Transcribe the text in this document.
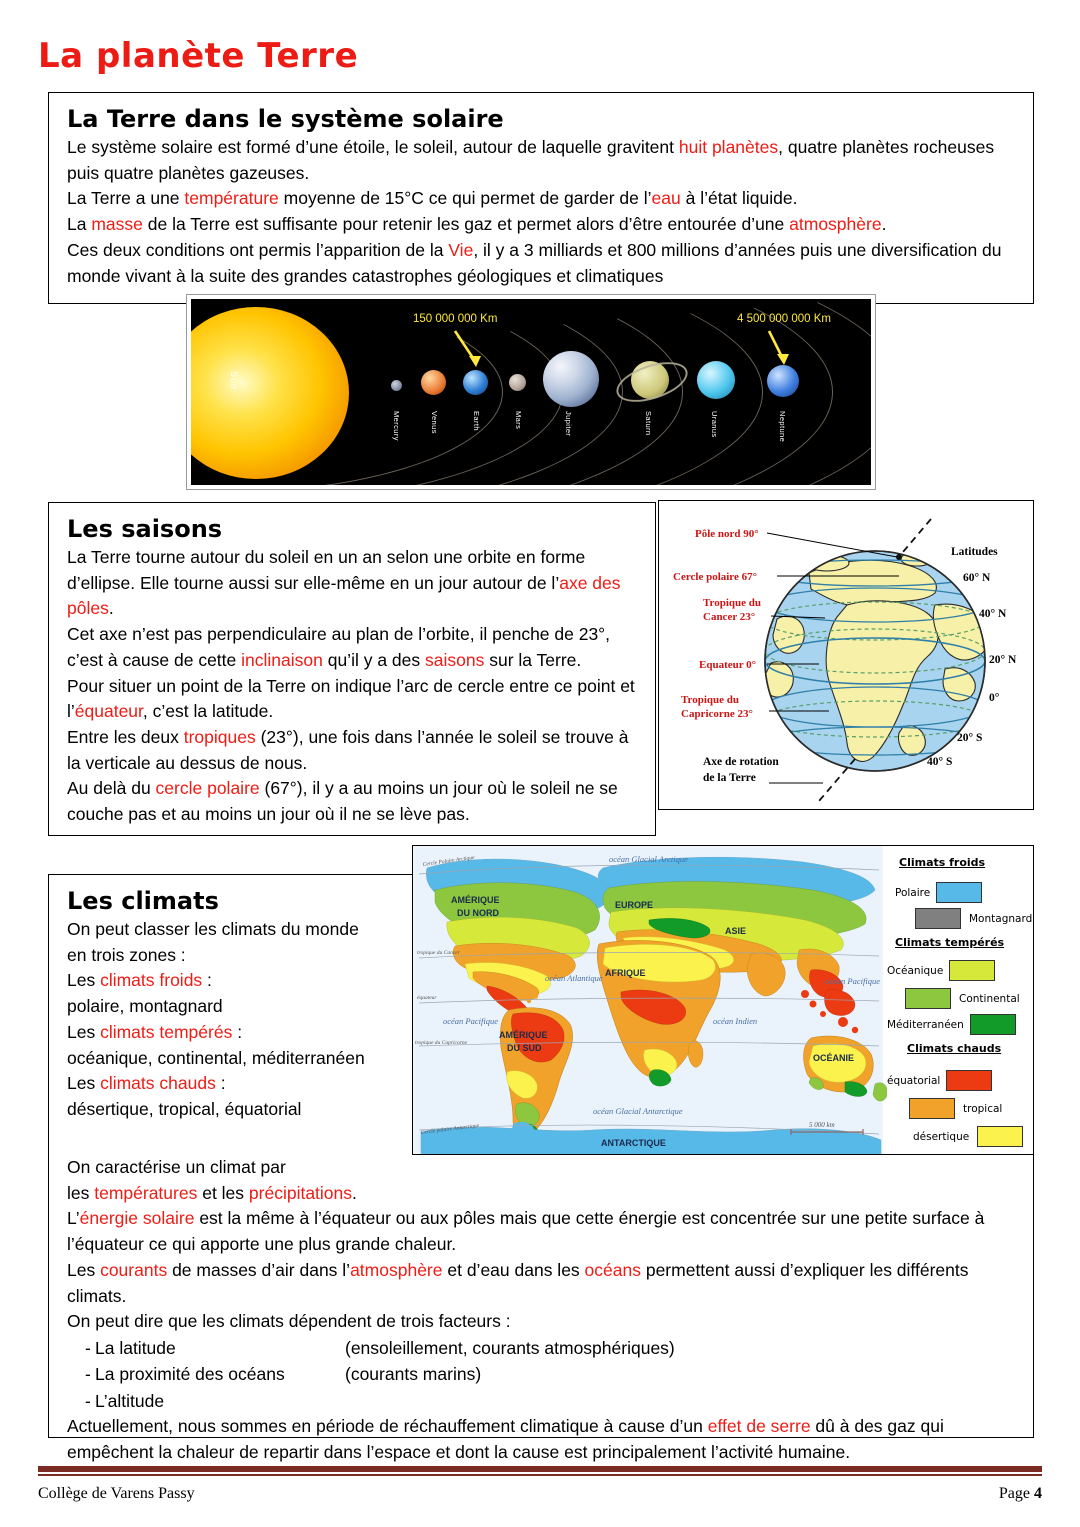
La planète Terre
La Terre dans le système solaire

Le système solaire est formé d’une étoile, le soleil, autour de laquelle gravitent huit planètes, quatre planètes rocheuses puis quatre planètes gazeuses.

La Terre a une température moyenne de 15°C ce qui permet de garder de l’eau à l’état liquide.

La masse de la Terre est suffisante pour retenir les gaz et permet alors d’être entourée d’une atmosphère.

Ces deux conditions ont permis l’apparition de la Vie, il y a 3 milliards et 800 millions d’années puis une diversification du monde vivant à la suite des grandes catastrophes géologiques et climatiques

Sun
Mercury	Venus	Earth	Mars	Jupiter	Saturn	Uranus	Neptune
150 000 000 Km	4 500 000 000 Km
Les saisons

La Terre tourne autour du soleil en un an selon une orbite en forme d’ellipse. Elle tourne aussi sur elle-même en un jour autour de l’axe des pôles.

Cet axe n’est pas perpendiculaire au plan de l’orbite, il penche de 23°, c’est à cause de cette inclinaison qu’il y a des saisons sur la Terre.

Pour situer un point de la Terre on indique l’arc de cercle entre ce point et l’équateur, c’est la latitude.

Entre les deux tropiques (23°), une fois dans l’année le soleil se trouve à la verticale au dessus de nous.

Au delà du cercle polaire (67°), il y a au moins un jour où le soleil ne se couche pas et au moins un jour où il ne se lève pas.

Pôle nord 90°
Cercle polaire 67°
Tropique du
Cancer 23°
Equateur 0°
Tropique du
Capricorne 23°
Latitudes
60° N
40° N
20° N
0°
20° S
40° S
Axe de rotation
de la Terre
Les climats

On peut classer les climats du monde

en trois zones :

Les climats froids :

polaire, montagnard

Les climats tempérés :

océanique, continental, méditerranéen

Les climats chauds :

désertique, tropical, équatorial

On caractérise un climat par

les températures et les précipitations.

L’énergie solaire est la même à l’équateur ou aux pôles mais que cette énergie est concentrée sur une petite surface à l’équateur ce qui apporte une plus grande chaleur.

Les courants de masses d’air dans l’atmosphère et d’eau dans les océans permettent aussi d’expliquer les différents climats.

On peut dire que les climats dépendent de trois facteurs :

- La latitude	(ensoleillement, courants atmosphériques)
- La proximité des océans	(courants marins)
- L’altitude

Actuellement, nous sommes en période de réchauffement climatique à cause d’un effet de serre dû à des gaz qui empêchent la chaleur de repartir dans l’espace et dont la cause est principalement l’activité humaine.

AMÉRIQUE
DU NORD
AMÉRIQUE
DU SUD
EUROPE
ASIE
AFRIQUE
OCÉANIE
ANTARCTIQUE
océan Glacial Arctique
océan Atlantique
océan Pacifique
océan Pacifique
océan Indien
océan Glacial Antarctique
Cercle Polaire Arctique
tropique du Cancer
équateur
tropique du Capricorne
Cercle polaire Antarctique	5 000 km
Climats froids
Polaire
Montagnard
Climats tempérés
Océanique
Continental
Méditerranéen
Climats chauds
équatorial
tropical
désertique
Collège de Varens Passy	Page 4
